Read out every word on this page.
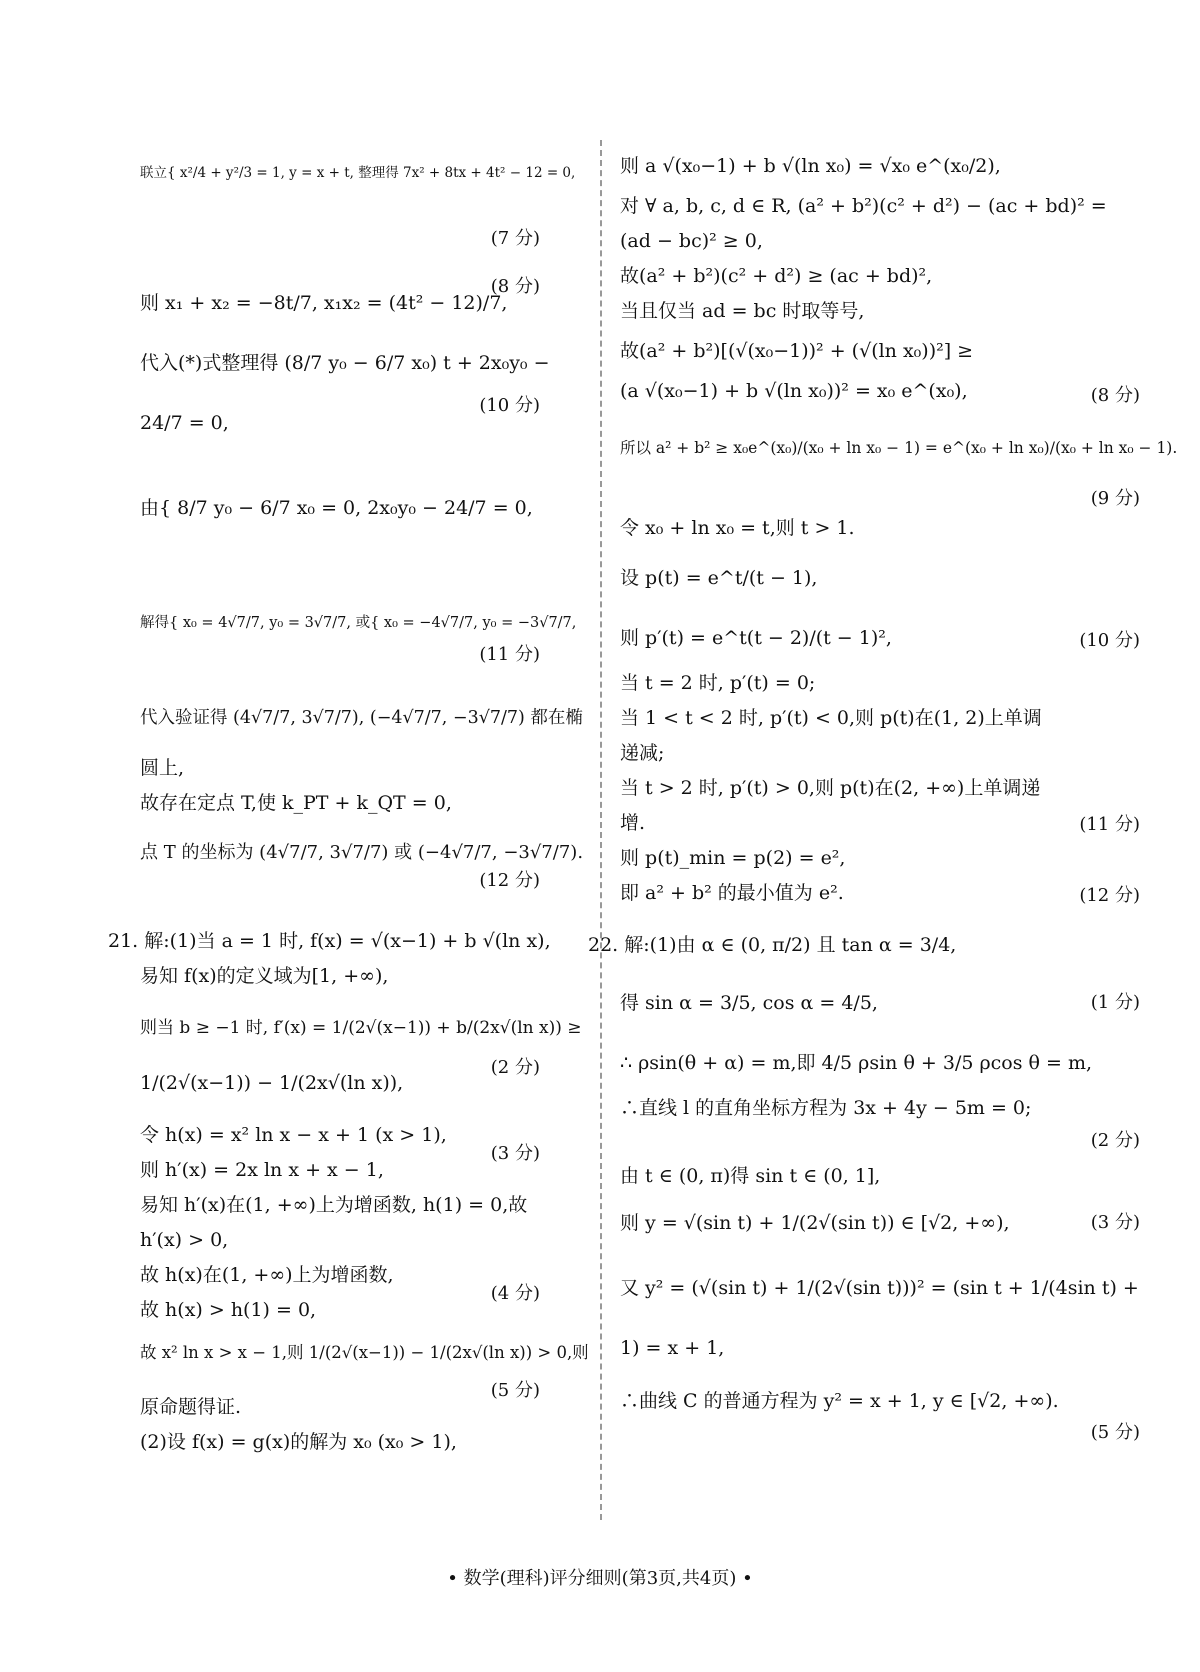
联立{ x²/4 + y²/3 = 1, y = x + t, 整理得 7x² + 8tx + 4t² − 12 = 0,
则 x₁ + x₂ = −8t/7, x₁x₂ = (4t² − 12)/7,
代入(*)式整理得 (8/7 y₀ − 6/7 x₀) t + 2x₀y₀ −
24/7 = 0,
由{ 8/7 y₀ − 6/7 x₀ = 0, 2x₀y₀ − 24/7 = 0,
解得{ x₀ = 4√7/7, y₀ = 3√7/7, 或{ x₀ = −4√7/7, y₀ = −3√7/7,
代入验证得 (4√7/7, 3√7/7), (−4√7/7, −3√7/7) 都在椭
圆上,
故存在定点 T,使 k_PT + k_QT = 0,
点 T 的坐标为 (4√7/7, 3√7/7) 或 (−4√7/7, −3√7/7).
21. 解:(1)当 a = 1 时, f(x) = √(x−1) + b √(ln x),
易知 f(x)的定义域为[1, +∞),
则当 b ≥ −1 时, f′(x) = 1/(2√(x−1)) + b/(2x√(ln x)) ≥
1/(2√(x−1)) − 1/(2x√(ln x)),
令 h(x) = x² ln x − x + 1 (x > 1),
则 h′(x) = 2x ln x + x − 1,
易知 h′(x)在(1, +∞)上为增函数, h(1) = 0,故
h′(x) > 0,
故 h(x)在(1, +∞)上为增函数,
故 h(x) > h(1) = 0,
故 x² ln x > x − 1,则 1/(2√(x−1)) − 1/(2x√(ln x)) > 0,则
原命题得证.
(2)设 f(x) = g(x)的解为 x₀ (x₀ > 1),
(7 分)
(8 分)
(10 分)
(11 分)
(12 分)
(2 分)
(3 分)
(4 分)
(5 分)
则 a √(x₀−1) + b √(ln x₀) = √x₀ e^(x₀/2),
对 ∀ a, b, c, d ∈ R, (a² + b²)(c² + d²) − (ac + bd)² =
(ad − bc)² ≥ 0,
故(a² + b²)(c² + d²) ≥ (ac + bd)²,
当且仅当 ad = bc 时取等号,
故(a² + b²)[(√(x₀−1))² + (√(ln x₀))²] ≥
(a √(x₀−1) + b √(ln x₀))² = x₀ e^(x₀),
所以 a² + b² ≥ x₀e^(x₀)/(x₀ + ln x₀ − 1) = e^(x₀ + ln x₀)/(x₀ + ln x₀ − 1).
令 x₀ + ln x₀ = t,则 t > 1.
设 p(t) = e^t/(t − 1),
则 p′(t) = e^t(t − 2)/(t − 1)²,
当 t = 2 时, p′(t) = 0;
当 1 < t < 2 时, p′(t) < 0,则 p(t)在(1, 2)上单调
递减;
当 t > 2 时, p′(t) > 0,则 p(t)在(2, +∞)上单调递
增.
则 p(t)_min = p(2) = e²,
即 a² + b² 的最小值为 e².
22. 解:(1)由 α ∈ (0, π/2) 且 tan α = 3/4,
得 sin α = 3/5, cos α = 4/5,
∴ ρsin(θ + α) = m,即 4/5 ρsin θ + 3/5 ρcos θ = m,
∴直线 l 的直角坐标方程为 3x + 4y − 5m = 0;
由 t ∈ (0, π)得 sin t ∈ (0, 1],
则 y = √(sin t) + 1/(2√(sin t)) ∈ [√2, +∞),
又 y² = (√(sin t) + 1/(2√(sin t)))² = (sin t + 1/(4sin t) +
1) = x + 1,
∴曲线 C 的普通方程为 y² = x + 1, y ∈ [√2, +∞).
(8 分)
(9 分)
(10 分)
(11 分)
(12 分)
(1 分)
(2 分)
(3 分)
(5 分)
• 数学(理科)评分细则(第3页,共4页) •
